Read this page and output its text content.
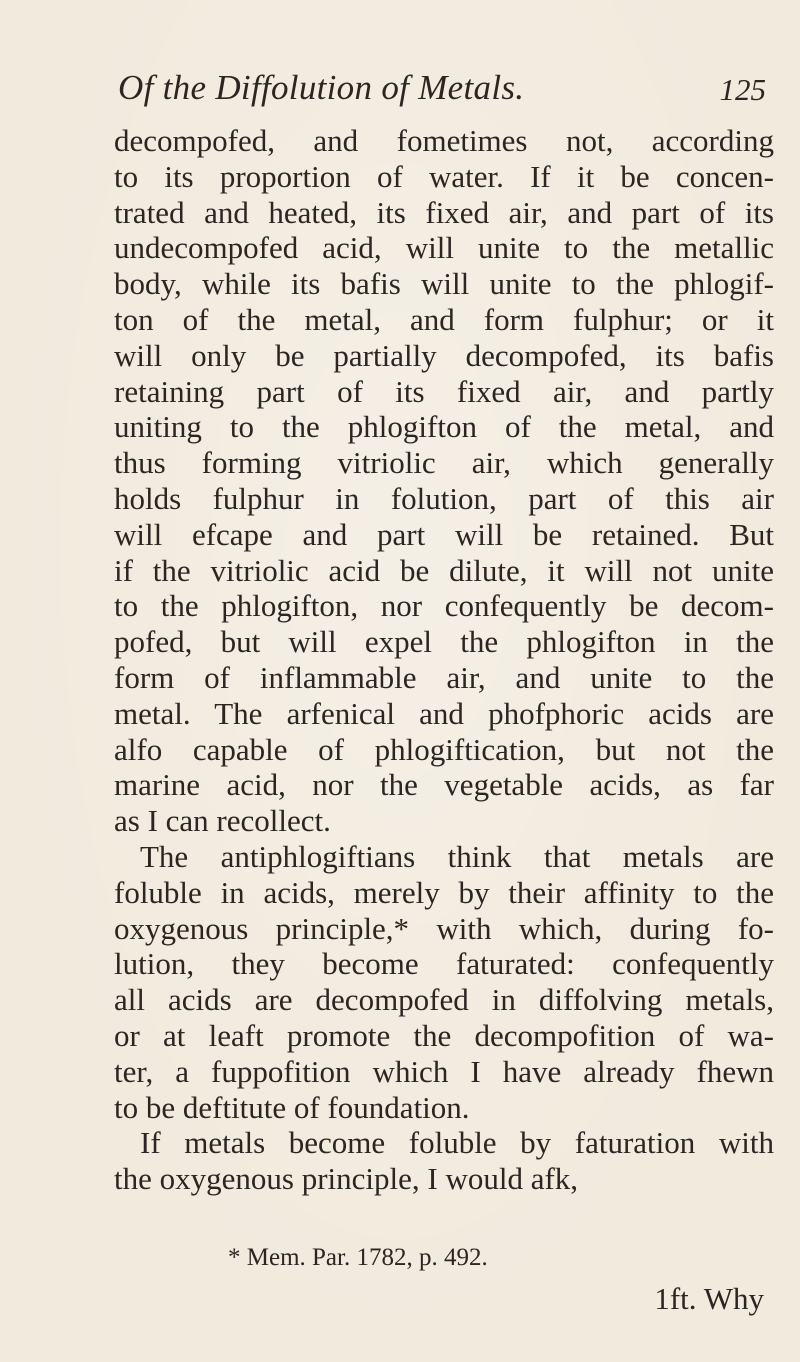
Of the Diffolution of Metals.	125
decompofed, and fometimes not, according
to its proportion of water. If it be concen-
trated and heated, its fixed air, and part of its
undecompofed acid, will unite to the metallic
body, while its bafis will unite to the phlogif-
ton of the metal, and form fulphur; or it
will only be partially decompofed, its bafis
retaining part of its fixed air, and partly
uniting to the phlogifton of the metal, and
thus forming vitriolic air, which generally
holds fulphur in folution, part of this air
will efcape and part will be retained. But
if the vitriolic acid be dilute, it will not unite
to the phlogifton, nor confequently be decom-
pofed, but will expel the phlogifton in the
form of inflammable air, and unite to the
metal. The arfenical and phofphoric acids are
alfo capable of phlogiftication, but not the
marine acid, nor the vegetable acids, as far
as I can recollect.
The antiphlogiftians think that metals are
foluble in acids, merely by their affinity to the
oxygenous principle,* with which, during fo-
lution, they become faturated: confequently
all acids are decompofed in diffolving metals,
or at leaft promote the decompofition of wa-
ter, a fuppofition which I have already fhewn
to be deftitute of foundation.
If metals become foluble by faturation with
the oxygenous principle, I would afk,
* Mem. Par. 1782, p. 492.
1ft. Why
